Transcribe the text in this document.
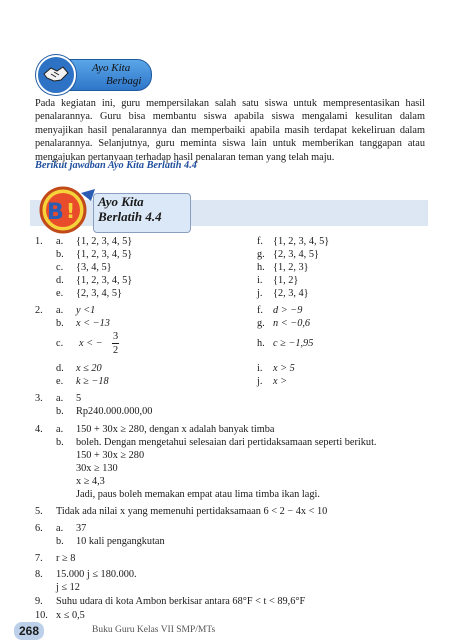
Ayo Kita
Berbagi
Pada kegiatan ini, guru mempersilakan salah satu siswa untuk mempresentasikan hasil penalarannya. Guru bisa membantu siswa apabila siswa mengalami kesulitan dalam menyajikan hasil penalarannya dan memperbaiki apabila masih terdapat kekeliruan dalam penalarannya. Selanjutnya, guru meminta siswa lain untuk memberikan tanggapan atau mengajukan pertanyaan terhadap hasil penalaran teman yang telah maju.
Berikut jawaban Ayo Kita Berlatih 4.4
B ! Ayo Kita
Berlatih 4.4
1. a. {1, 2, 3, 4, 5}
b. {1, 2, 3, 4, 5}
c. {3, 4, 5}
d. {1, 2, 3, 4, 5}
e. {2, 3, 4, 5}
f. {1, 2, 3, 4, 5}
g. {2, 3, 4, 5}
h. {1, 2, 3}
i. {1, 2}
j. {2, 3, 4}
2. a. y <1
b. x < −13
c. x < − $\frac{3}{2}$
d. x ≤ 20
e. k ≥ −18
f. d > −9
g. n < −0,6
h. c ≥ −1,95
i. x > 5
j. x >
3. a. 5
b. Rp240.000.000,00
4. a. 150 + 30x ≥ 280, dengan x adalah banyak timba
b. boleh. Dengan mengetahui selesaian dari pertidaksamaan seperti berikut.
150 + 30x ≥ 280
30x ≥ 130
x ≥ 4,3
Jadi, paus boleh memakan empat atau lima timba ikan lagi.
5. Tidak ada nilai x yang memenuhi pertidaksamaan 6 < 2 − 4x < 10
6. a. 37
b. 10 kali pengangkutan
7. r ≥ 8
8. 15.000 j ≤ 180.000.
j ≤ 12
9. Suhu udara di kota Ambon berkisar antara 68°F < t < 89,6°F
10. x ≤ 0,5
268	Buku Guru Kelas VII SMP/MTs
